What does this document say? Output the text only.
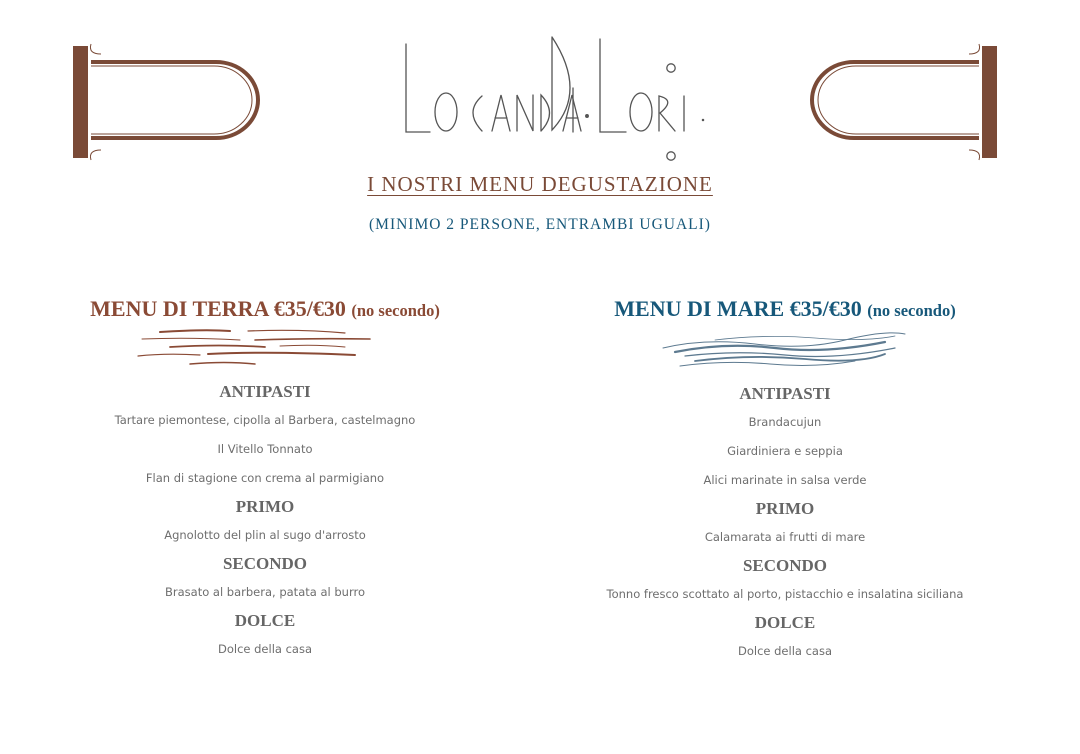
I NOSTRI MENU DEGUSTAZIONE
(MINIMO 2 PERSONE, ENTRAMBI UGUALI)
MENU DI TERRA €35/€30 (no secondo)
ANTIPASTI
Tartare piemontese, cipolla al Barbera, castelmagno
Il Vitello Tonnato
Flan di stagione con crema al parmigiano
PRIMO
Agnolotto del plin al sugo d'arrosto
SECONDO
Brasato al barbera, patata al burro
DOLCE
Dolce della casa
MENU DI MARE €35/€30 (no secondo)
ANTIPASTI
Brandacujun
Giardiniera e seppia
Alici marinate in salsa verde
PRIMO
Calamarata ai frutti di mare
SECONDO
Tonno fresco scottato al porto, pistacchio e insalatina siciliana
DOLCE
Dolce della casa
